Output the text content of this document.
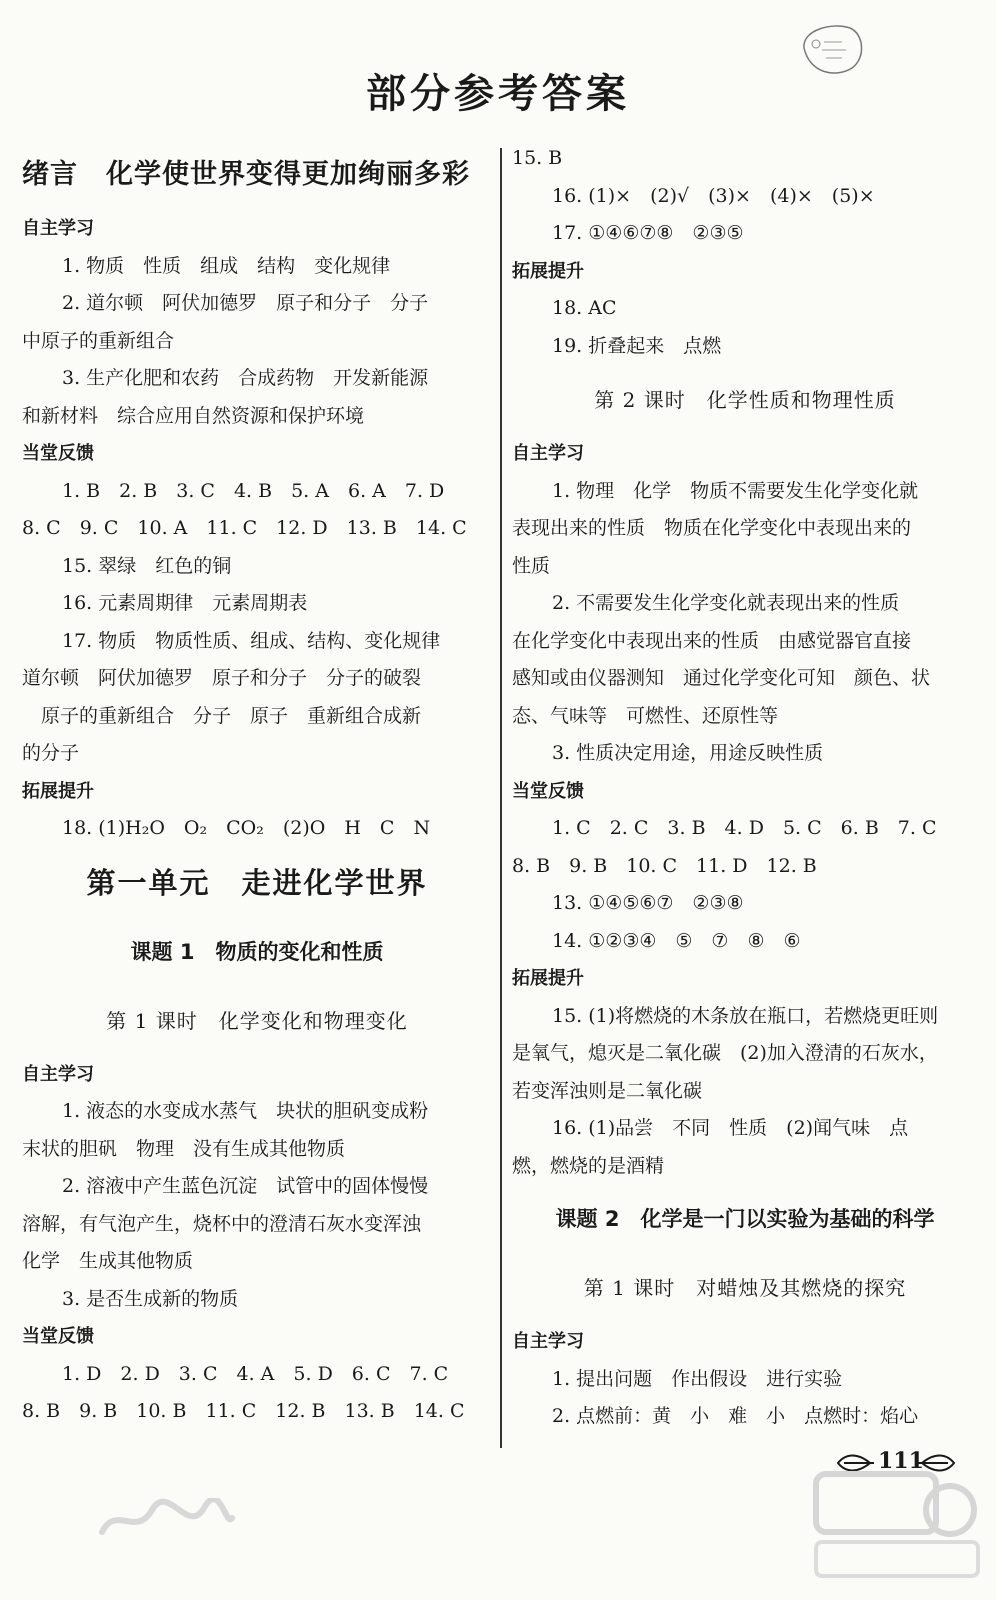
部分参考答案
绪言　化学使世界变得更加绚丽多彩
自主学习
1. 物质　性质　组成　结构　变化规律
2. 道尔顿　阿伏加德罗　原子和分子　分子
中原子的重新组合
3. 生产化肥和农药　合成药物　开发新能源
和新材料　综合应用自然资源和保护环境
当堂反馈
1. B　2. B　3. C　4. B　5. A　6. A　7. D
8. C　9. C　10. A　11. C　12. D　13. B　14. C
15. 翠绿　红色的铜
16. 元素周期律　元素周期表
17. 物质　物质性质、组成、结构、变化规律
道尔顿　阿伏加德罗　原子和分子　分子的破裂
　原子的重新组合　分子　原子　重新组合成新
的分子
拓展提升
18. (1)H₂O　O₂　CO₂　(2)O　H　C　N
第一单元　走进化学世界
课题 1　物质的变化和性质
第 1 课时　化学变化和物理变化
自主学习
1. 液态的水变成水蒸气　块状的胆矾变成粉
末状的胆矾　物理　没有生成其他物质
2. 溶液中产生蓝色沉淀　试管中的固体慢慢
溶解，有气泡产生，烧杯中的澄清石灰水变浑浊
化学　生成其他物质
3. 是否生成新的物质
当堂反馈
1. D　2. D　3. C　4. A　5. D　6. C　7. C
8. B　9. B　10. B　11. C　12. B　13. B　14. C
15. B
16. (1)×　(2)√　(3)×　(4)×　(5)×
17. ①④⑥⑦⑧　②③⑤
拓展提升
18. AC
19. 折叠起来　点燃
第 2 课时　化学性质和物理性质
自主学习
1. 物理　化学　物质不需要发生化学变化就
表现出来的性质　物质在化学变化中表现出来的
性质
2. 不需要发生化学变化就表现出来的性质
在化学变化中表现出来的性质　由感觉器官直接
感知或由仪器测知　通过化学变化可知　颜色、状
态、气味等　可燃性、还原性等
3. 性质决定用途，用途反映性质
当堂反馈
1. C　2. C　3. B　4. D　5. C　6. B　7. C
8. B　9. B　10. C　11. D　12. B
13. ①④⑤⑥⑦　②③⑧
14. ①②③④　⑤　⑦　⑧　⑥
拓展提升
15. (1)将燃烧的木条放在瓶口，若燃烧更旺则
是氧气，熄灭是二氧化碳　(2)加入澄清的石灰水，
若变浑浊则是二氧化碳
16. (1)品尝　不同　性质　(2)闻气味　点
燃，燃烧的是酒精
课题 2　化学是一门以实验为基础的科学
第 1 课时　对蜡烛及其燃烧的探究
自主学习
1. 提出问题　作出假设　进行实验
2. 点燃前：黄　小　难　小　点燃时：焰心
111
